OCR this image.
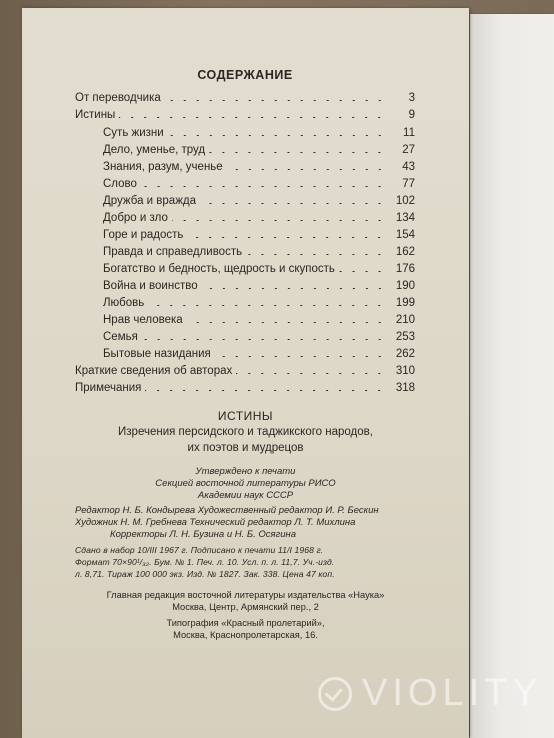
СОДЕРЖАНИЕ
От переводчика	3
Истины	9
Суть жизни	11
Дело, уменье, труд	27
Знания, разум, ученье	43
Слово	77
Дружба и вражда	102
Добро и зло	134
Горе и радость	154
Правда и справедливость	162
Богатство и бедность, щедрость и скупость	176
Война и воинство	190
Любовь	199
Нрав человека	210
Семья	253
Бытовые назидания	262
Краткие сведения об авторах	310
Примечания	318
ИСТИНЫ
Изречения персидского и таджикского народов,
их поэтов и мудрецов
Утверждено к печати
Секцией восточной литературы РИСО
Академии наук СССР
Редактор Н. Б. Кондырева Художественный редактор И. Р. Бескин
Художник Н. М. Гребнева Технический редактор Л. Т. Михлина
Корректоры Л. Н. Бузина и Н. Б. Осягина
Сдано в набор 10/III 1967 г. Подписано к печати 11/I 1968 г.
Формат 70×90¹/₃₂. Бум. № 1. Печ. л. 10. Усл. п. л. 11,7. Уч.-изд.
л. 8,71. Тираж 100 000 экз. Изд. № 1827. Зак. 338. Цена 47 коп.
Главная редакция восточной литературы издательства «Наука»
Москва, Центр, Армянский пер., 2
Типография «Красный пролетарий»,
Москва, Краснопролетарская, 16.
VIOLITY
